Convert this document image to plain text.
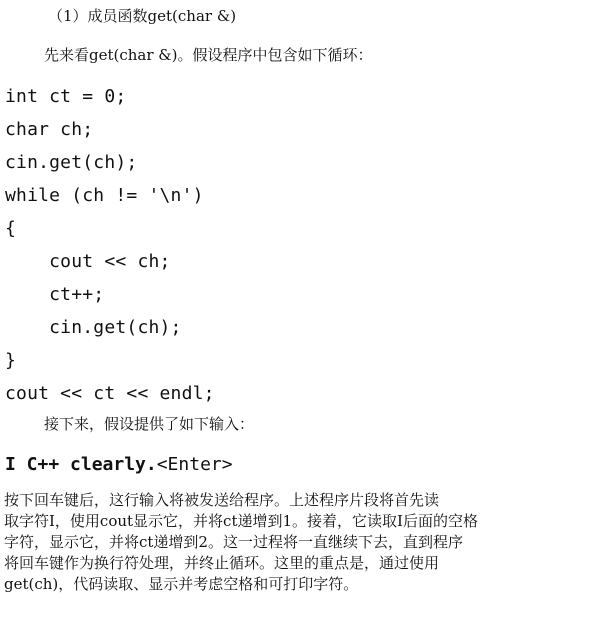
（1）成员函数get(char &)
先来看get(char &)。假设程序中包含如下循环：
int ct = 0;
char ch;
cin.get(ch);
while (ch != '\n')
{
cout << ch;
ct++;
cin.get(ch);
}
cout << ct << endl;
接下来，假设提供了如下输入：
I C++ clearly.<Enter>
按下回车键后，这行输入将被发送给程序。上述程序片段将首先读
取字符I，使用cout显示它，并将ct递增到1。接着，它读取I后面的空格
字符，显示它，并将ct递增到2。这一过程将一直继续下去，直到程序
将回车键作为换行符处理，并终止循环。这里的重点是，通过使用
get(ch)，代码读取、显示并考虑空格和可打印字符。
